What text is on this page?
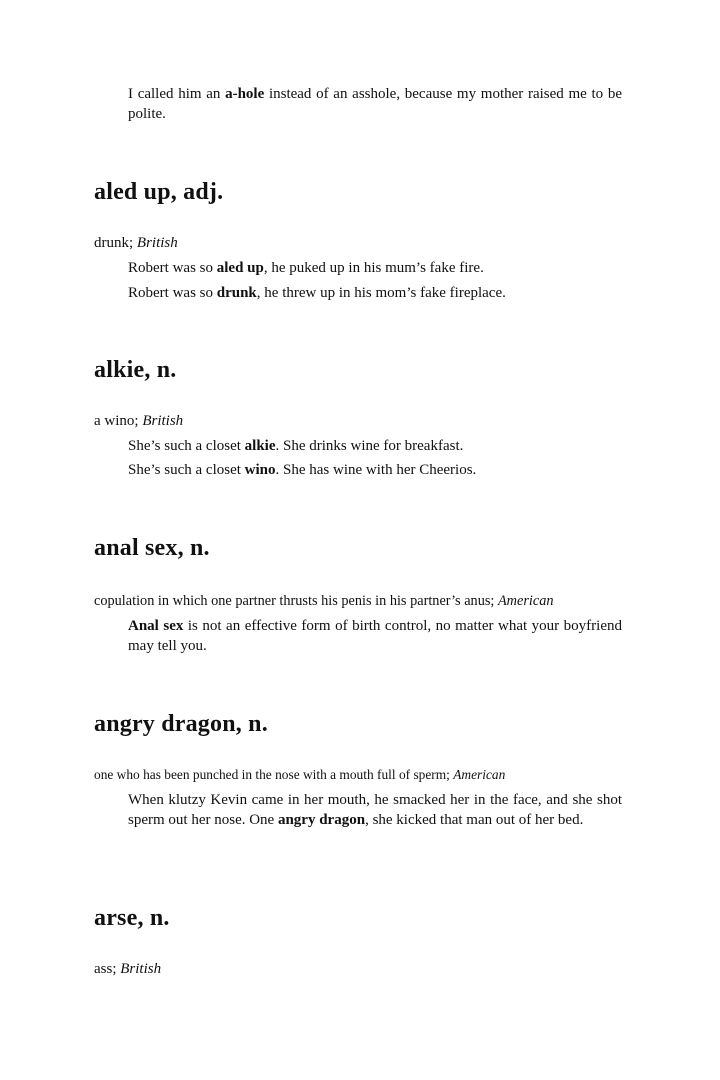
I called him an a-hole instead of an asshole, because my mother raised me to be polite.

aled up, adj.

drunk; British

Robert was so aled up, he puked up in his mum’s fake fire.

Robert was so drunk, he threw up in his mom’s fake fireplace.

alkie, n.

a wino; British

She’s such a closet alkie. She drinks wine for breakfast.

She’s such a closet wino. She has wine with her Cheerios.

anal sex, n.

copulation in which one partner thrusts his penis in his partner’s anus; American

Anal sex is not an effective form of birth control, no matter what your boyfriend may tell you.

angry dragon, n.

one who has been punched in the nose with a mouth full of sperm; American

When klutzy Kevin came in her mouth, he smacked her in the face, and she shot sperm out her nose. One angry dragon, she kicked that man out of her bed.

arse, n.

ass; British
